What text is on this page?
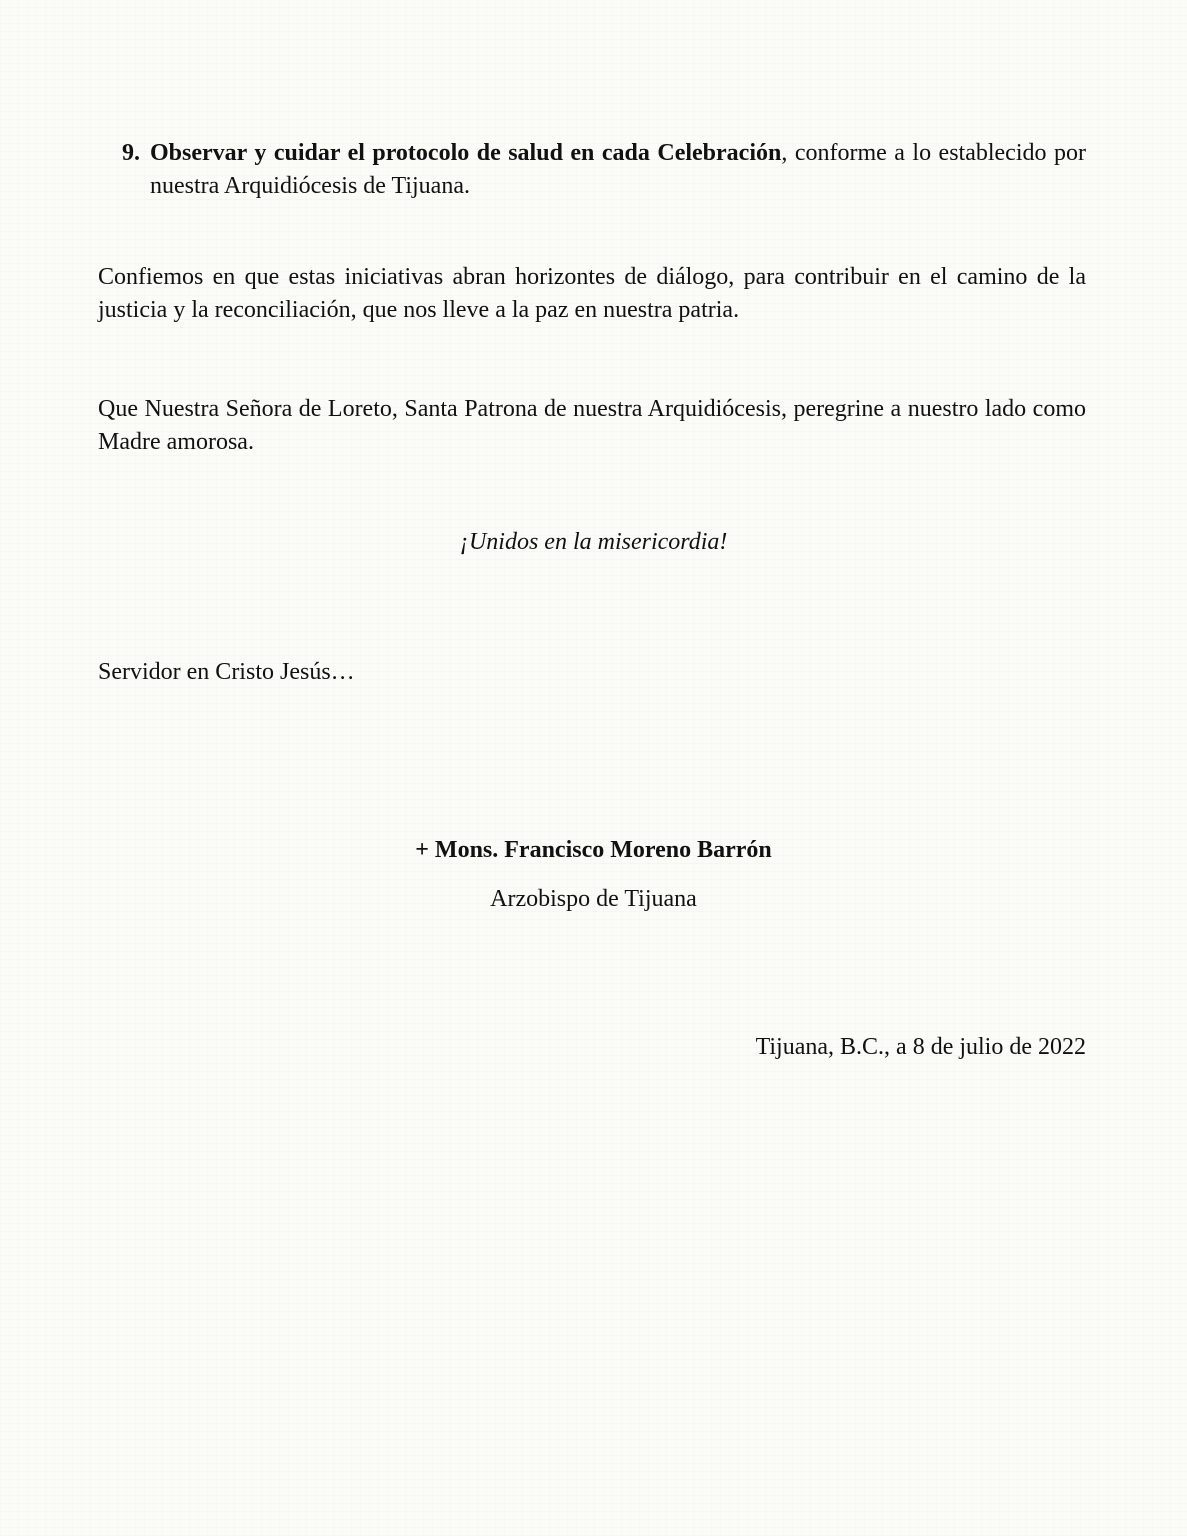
9. Observar y cuidar el protocolo de salud en cada Celebración, conforme a lo establecido por nuestra Arquidiócesis de Tijuana.

Confiemos en que estas iniciativas abran horizontes de diálogo, para contribuir en el camino de la justicia y la reconciliación, que nos lleve a la paz en nuestra patria.

Que Nuestra Señora de Loreto, Santa Patrona de nuestra Arquidiócesis, peregrine a nuestro lado como Madre amorosa.

¡Unidos en la misericordia!

Servidor en Cristo Jesús…

+ Mons. Francisco Moreno Barrón

Arzobispo de Tijuana

Tijuana, B.C., a 8 de julio de 2022
